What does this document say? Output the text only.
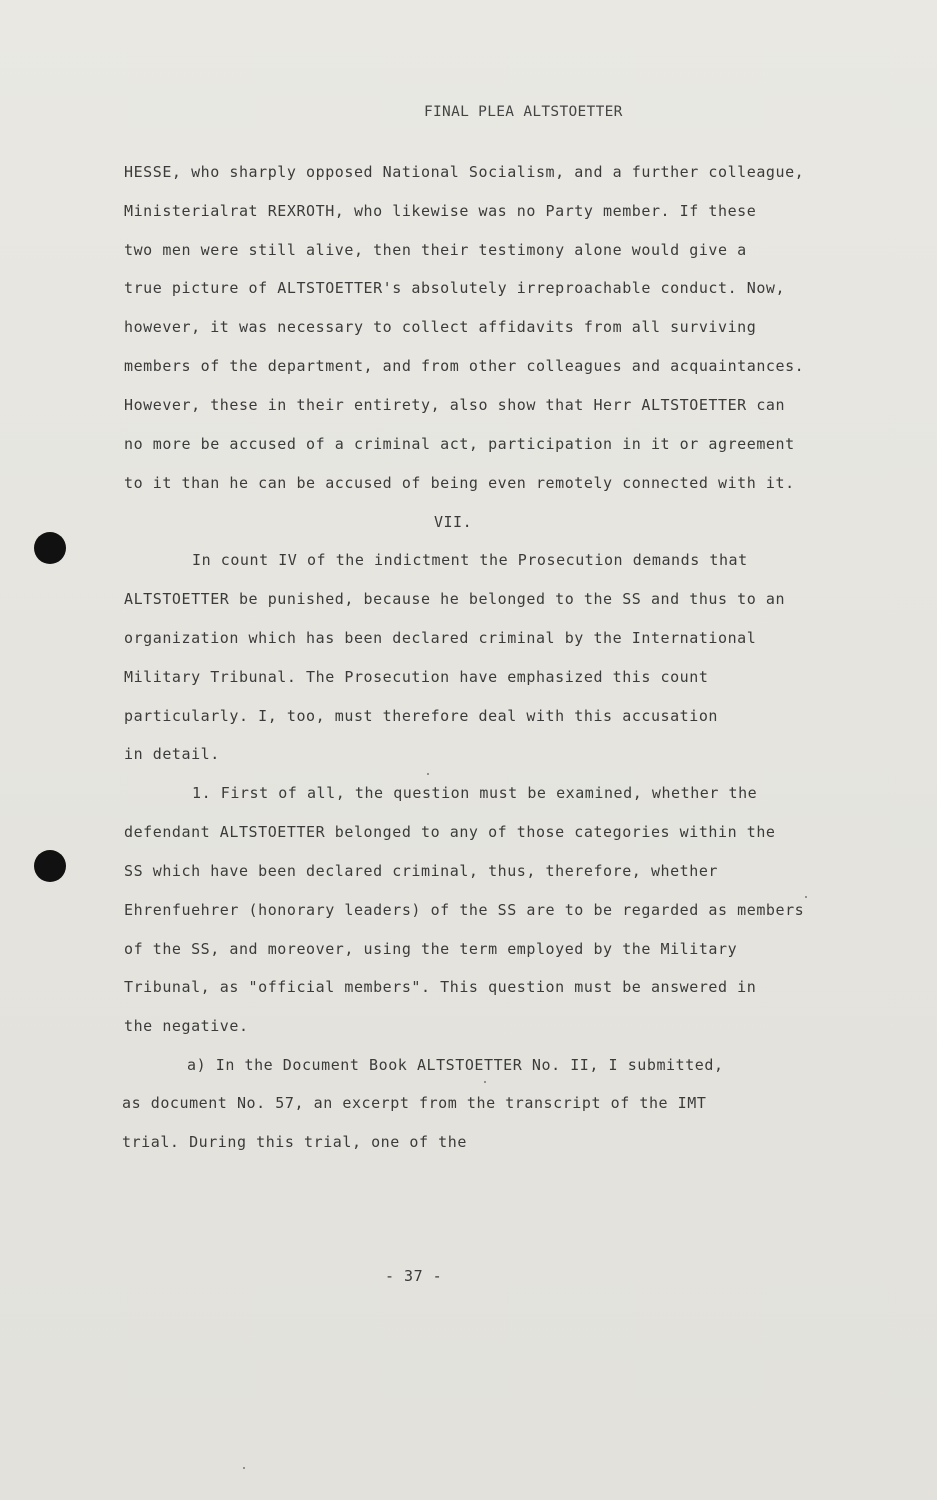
FINAL PLEA ALTSTOETTER
HESSE, who sharply opposed National Socialism, and a further colleague,
Ministerialrat REXROTH, who likewise was no Party member. If these
two men were still alive, then their testimony alone would give a
true picture of ALTSTOETTER's absolutely irreproachable conduct. Now,
however, it was necessary to collect affidavits from all surviving
members of the department, and from other colleagues and acquaintances.
However, these in their entirety, also show that Herr ALTSTOETTER can
no more be accused of a criminal act, participation in it or agreement
to it than he can be accused of being even remotely connected with it.
VII.
In count IV of the indictment the Prosecution demands that
ALTSTOETTER be punished, because he belonged to the SS and thus to an
organization which has been declared criminal by the International
Military Tribunal. The Prosecution have emphasized this count
particularly. I, too, must therefore deal with this accusation
in detail.
1. First of all, the question must be examined, whether the
defendant ALTSTOETTER belonged to any of those categories within the
SS which have been declared criminal, thus, therefore, whether
Ehrenfuehrer (honorary leaders) of the SS are to be regarded as members
of the SS, and moreover, using the term employed by the Military
Tribunal, as "official members". This question must be answered in
the negative.
a) In the Document Book ALTSTOETTER No. II, I submitted,
as document No. 57, an excerpt from the transcript of the IMT
trial. During this trial, one of the
- 37 -
